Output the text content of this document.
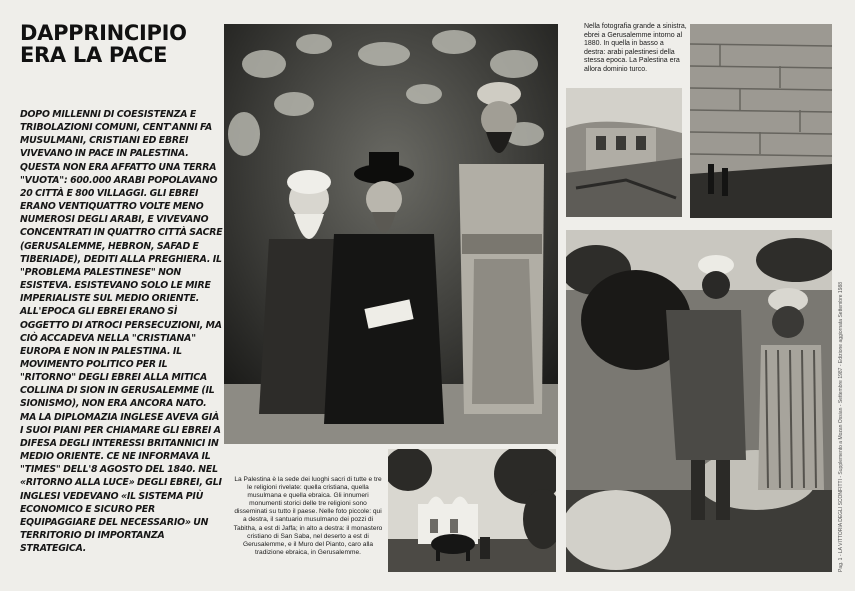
DAPPRINCIPIO
ERA LA PACE
DOPO MILLENNI DI COESISTENZA E TRIBOLAZIONI COMUNI, CENT'ANNI FA MUSULMANI, CRISTIANI ED EBREI VIVEVANO IN PACE IN PALESTINA. QUESTA NON ERA AFFATTO UNA TERRA "VUOTA": 600.000 ARABI POPOLAVANO 20 CITTÀ E 800 VILLAGGI. GLI EBREI ERANO VENTIQUATTRO VOLTE MENO NUMEROSI DEGLI ARABI, E VIVEVANO CONCENTRATI IN QUATTRO CITTÀ SACRE (GERUSALEMME, HEBRON, SAFAD E TIBERIADE), DEDITI ALLA PREGHIERA. IL "PROBLEMA PALESTINESE" NON ESISTEVA. ESISTEVANO SOLO LE MIRE IMPERIALISTE SUL MEDIO ORIENTE. ALL'EPOCA GLI EBREI ERANO SÌ OGGETTO DI ATROCI PERSECUZIONI, MA CIÒ ACCADEVA NELLA "CRISTIANA" EUROPA E NON IN PALESTINA. IL MOVIMENTO POLITICO PER IL "RITORNO" DEGLI EBREI ALLA MITICA COLLINA DI SION IN GERUSALEMME (IL SIONISMO), NON ERA ANCORA NATO. MA LA DIPLOMAZIA INGLESE AVEVA GIÀ I SUOI PIANI PER CHIAMARE GLI EBREI A DIFESA DEGLI INTERESSI BRITANNICI IN MEDIO ORIENTE. CE NE INFORMAVA IL "TIMES" DELL'8 AGOSTO DEL 1840. NEL «RITORNO ALLA LUCE» DEGLI EBREI, GLI INGLESI VEDEVANO «IL SISTEMA PIÙ ECONOMICO E SICURO PER EQUIPAGGIARE DEL NECESSARIO» UN TERRITORIO DI IMPORTANZA STRATEGICA.
Nella fotografia grande a sinistra, ebrei a Gerusalemme intorno al 1880. In quella in basso a destra: arabi palestinesi della stessa epoca. La Palestina era allora dominio turco.
La Palestina è la sede dei luoghi sacri di tutte e tre le religioni rivelate: quella cristiana, quella musulmana e quella ebraica. Gli innumeri monumenti storici delle tre religioni sono disseminati su tutto il paese. Nelle foto piccole: qui a destra, il santuario musulmano dei pozzi di Tabitha, a est di Jaffa; in alto a destra: il monastero cristiano di San Saba, nel deserto a est di Gerusalemme, e il Muro del Pianto, caro alla tradizione ebraica, in Gerusalemme.	Pag. 1 - LA VITTORIA DEGLI SCONFITTI - Supplemento a Mozan Ossian - Settembre 1987 - Edizione aggiornata Settembre 1988
